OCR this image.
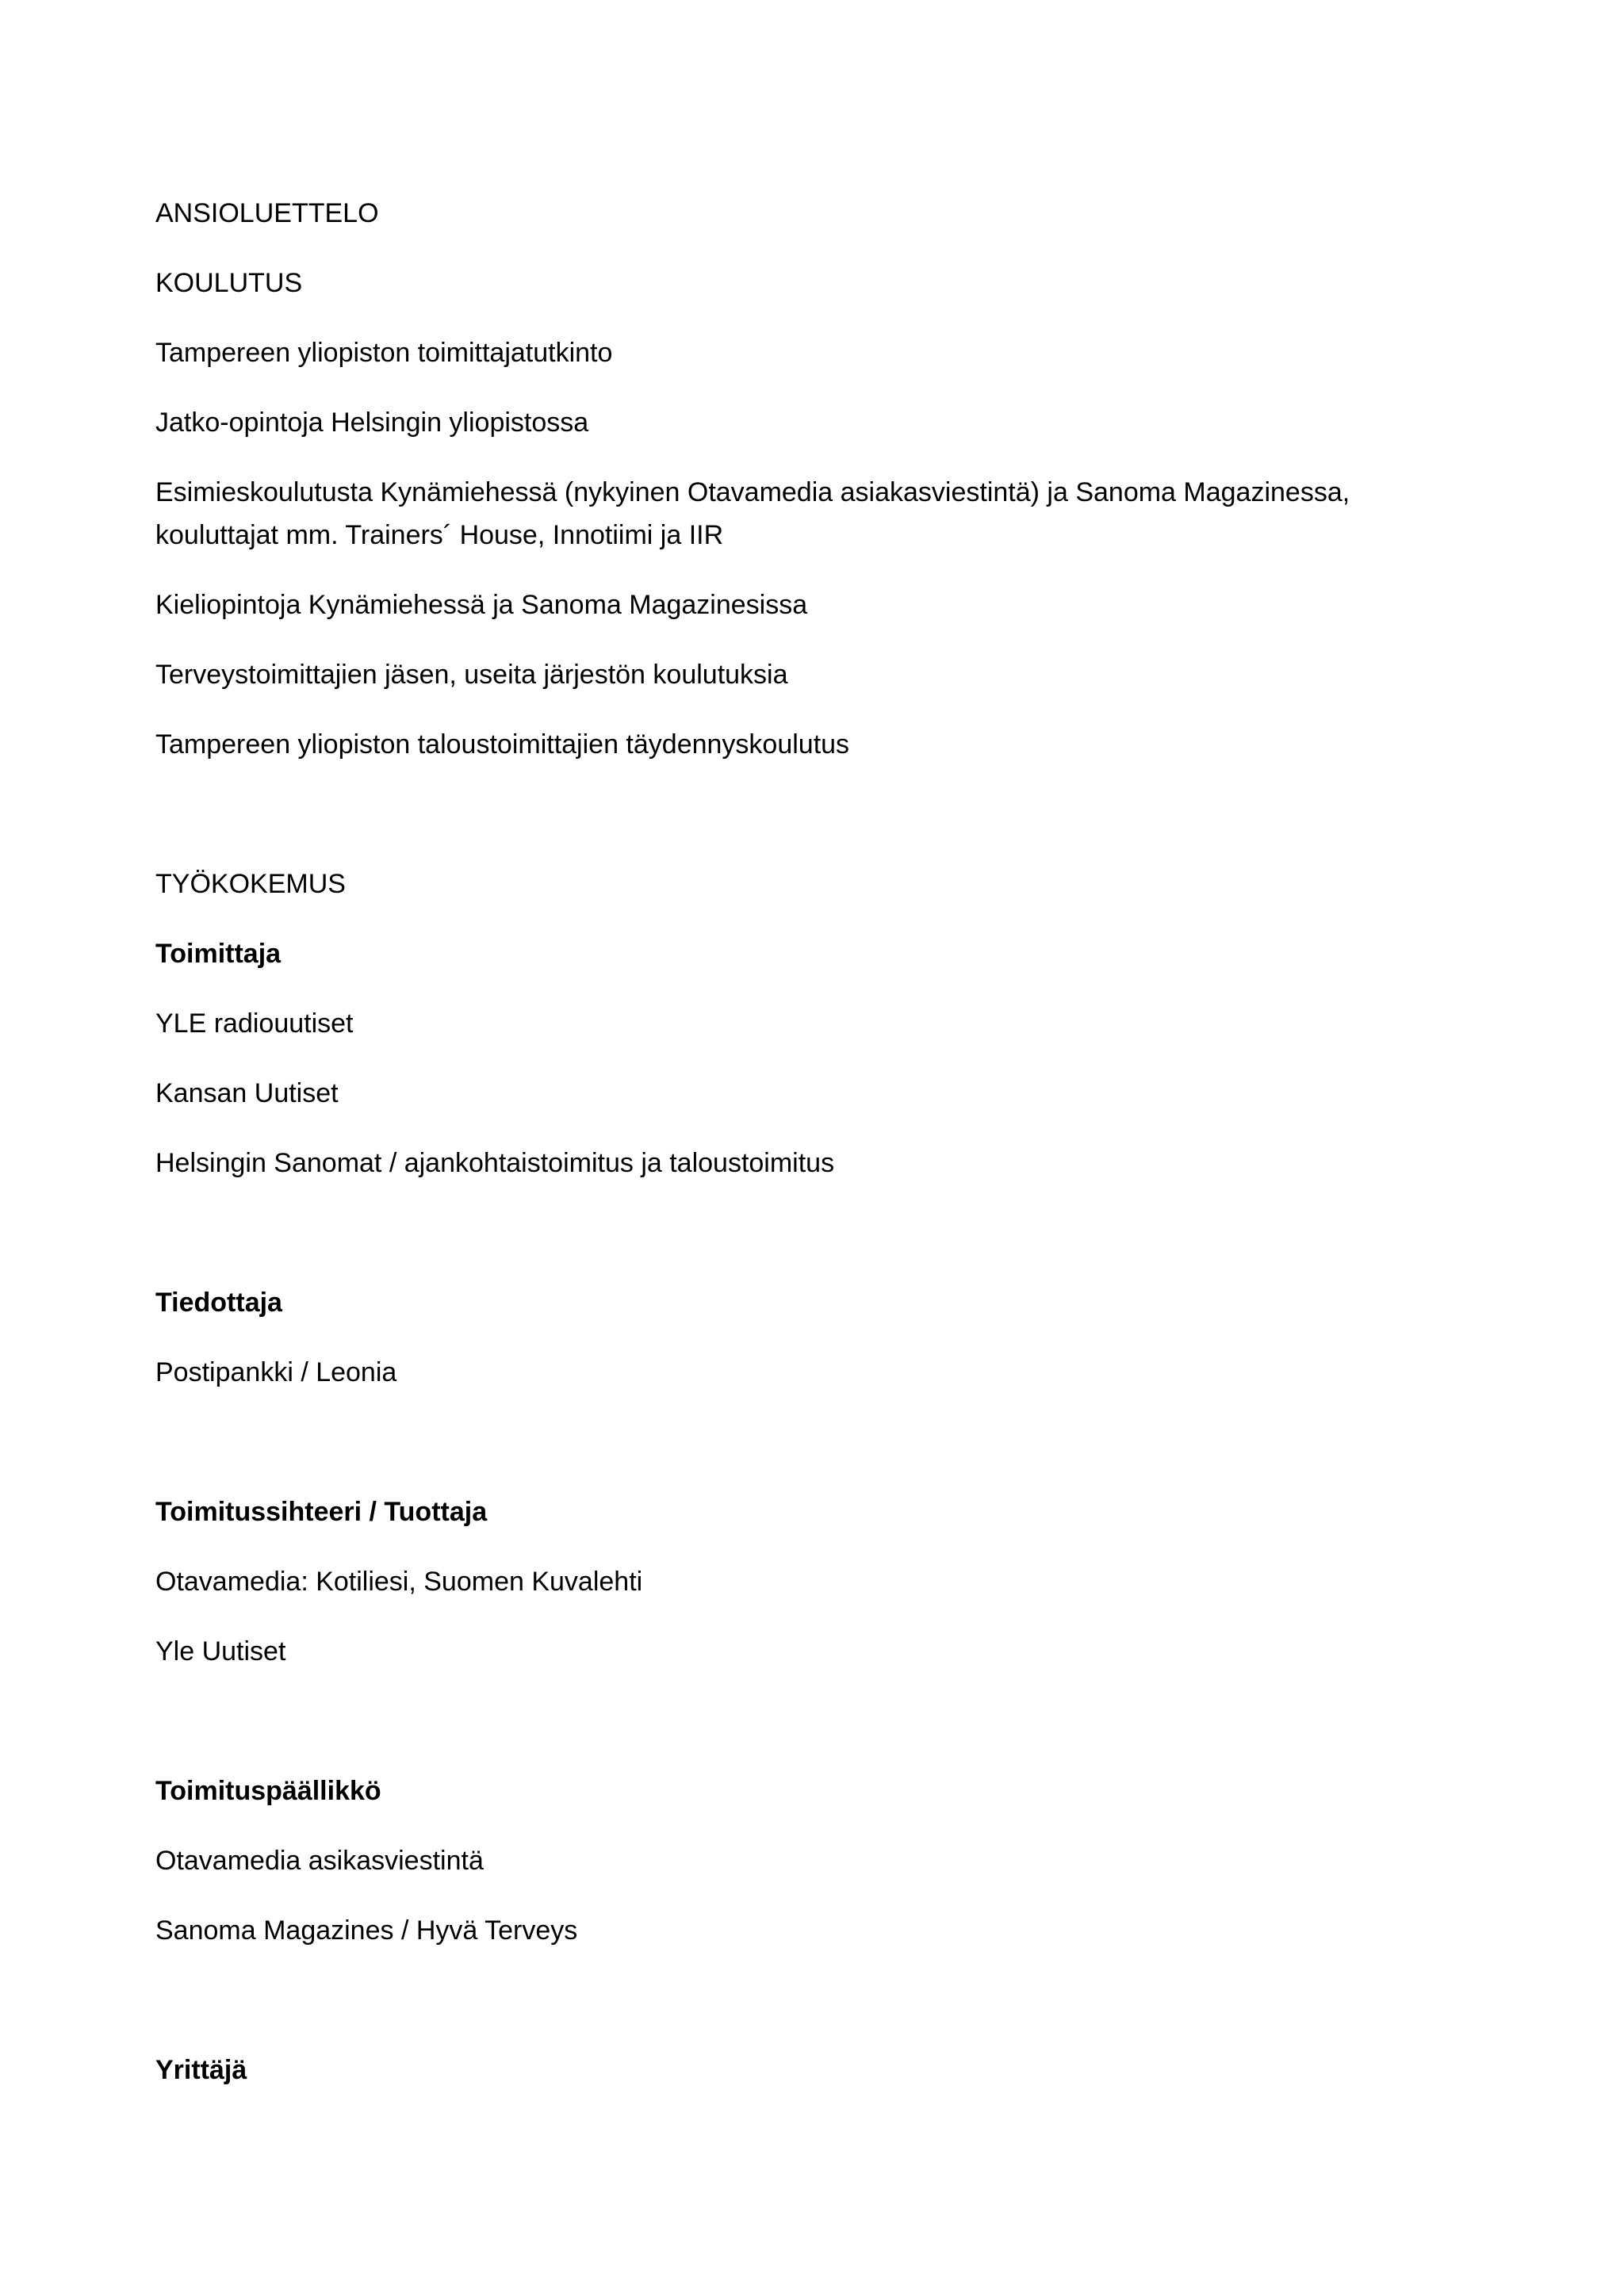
ANSIOLUETTELO
KOULUTUS
Tampereen yliopiston toimittajatutkinto
Jatko-opintoja Helsingin yliopistossa
Esimieskoulutusta Kynämiehessä (nykyinen Otavamedia asiakasviestintä) ja Sanoma Magazinessa,
kouluttajat mm. Trainers´ House, Innotiimi ja IIR
Kieliopintoja Kynämiehessä ja Sanoma Magazinesissa
Terveystoimittajien jäsen, useita järjestön koulutuksia
Tampereen yliopiston taloustoimittajien täydennyskoulutus
TYÖKOKEMUS
Toimittaja
YLE radiouutiset
Kansan Uutiset
Helsingin Sanomat / ajankohtaistoimitus ja taloustoimitus
Tiedottaja
Postipankki / Leonia
Toimitussihteeri / Tuottaja
Otavamedia: Kotiliesi, Suomen Kuvalehti
Yle Uutiset
Toimituspäällikkö
Otavamedia asikasviestintä
Sanoma Magazines / Hyvä Terveys
Yrittäjä
